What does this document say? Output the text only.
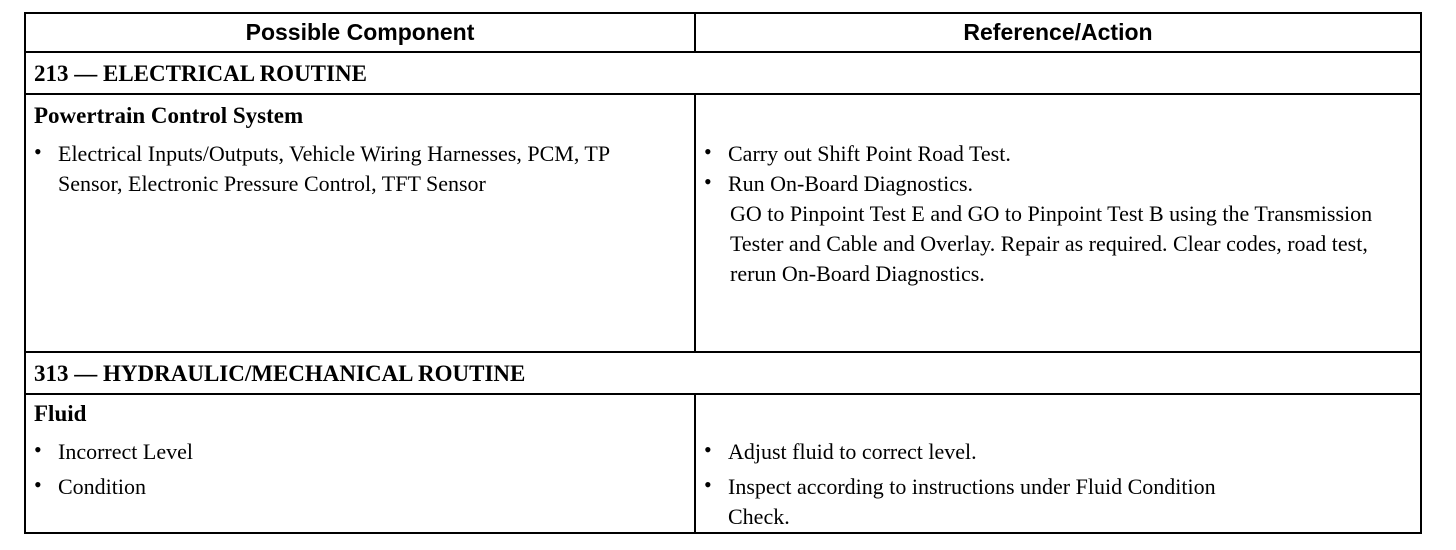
Possible Component	Reference/Action
213 — ELECTRICAL ROUTINE
Powertrain Control System
• Electrical Inputs/Outputs, Vehicle Wiring Harnesses, PCM, TP Sensor, Electronic Pressure Control, TFT Sensor
• Carry out Shift Point Road Test.
• Run On-Board Diagnostics.
GO to Pinpoint Test E and GO to Pinpoint Test B using the Transmission Tester and Cable and Overlay. Repair as required. Clear codes, road test, rerun On-Board Diagnostics.
313 — HYDRAULIC/MECHANICAL ROUTINE
Fluid
• Incorrect Level
• Condition
• Adjust fluid to correct level.
• Inspect according to instructions under Fluid Condition Check.
